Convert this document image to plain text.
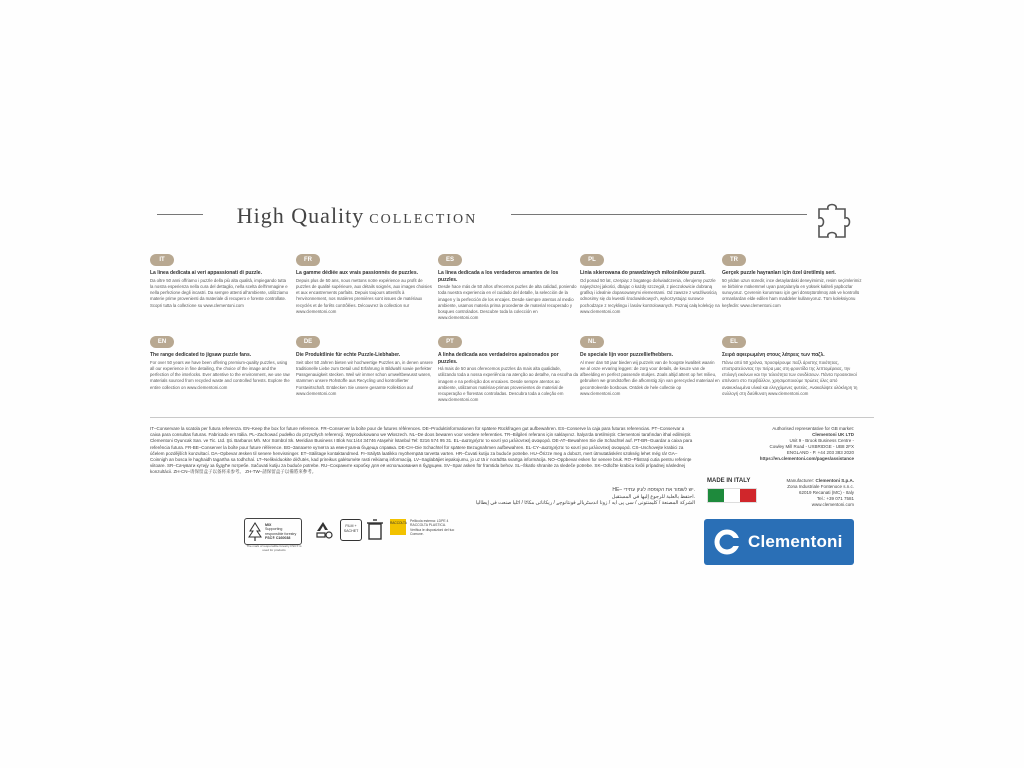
High Quality COLLECTION
IT
La linea dedicata ai veri appassionati di puzzle.
Da oltre 50 anni offriamo i puzzle della più alta qualità, impiegando tutta la nostra esperienza nella cura del dettaglio, nella scelta dell'immagine e nella perfezione degli incastri. Da sempre attenti all'ambiente, utilizziamo materie prime provenienti da materiale di recupero e foreste controllate. Scopri tutta la collezione su www.clementoni.com
FR
La gamme dédiée aux vrais passionnés de puzzles.
Depuis plus de 50 ans, nous mettons notre expérience au profit de puzzles de qualité supérieure, aux détails soignés, aux images choisies et aux encastrements parfaits. Depuis toujours attentifs à l'environnement, nos matières premières sont issues de matériaux recyclés et de forêts contrôlées. Découvrez la collection sur www.clementoni.com
ES
La línea dedicada a los verdaderos amantes de los puzzles.
Desde hace más de 50 años ofrecemos puzles de alta calidad, poniendo toda nuestra experiencia en el cuidado del detalle, la selección de la imagen y la perfección de los encajes. Desde siempre atentos al medio ambiente, usamos materia prima procedente de material recuperado y bosques controlados. Descubre toda la colección en www.clementoni.com
PL
Linia skierowana do prawdziwych miłośników puzzli.
Od ponad 50 lat, czerpiąc z bogatego doświadczenia, oferujemy puzzle najwyższej jakości, dbając o każdy szczegół, z pieczołowicie dobraną grafiką i idealnie dopasowanymi elementami. Od zawsze z wrażliwością odnosimy się do kwestii środowiskowych, wykorzystując surowce pochodzące z recyklingu i lasów kontrolowanych. Poznaj całą kolekcję na www.clementoni.com
TR
Gerçek puzzle hayranları için özel üretilmiş seri.
50 yıldan uzun süredir, ince detaylardaki deneyimimiz, resim seçimlerimiz ve birbirine mükemmel uyan parçalarıyla en yüksek kaliteli yapbozlar sunuyoruz. Çevrenin korunması için geri dönüştürülmüş atık ve kontrollü ormanlardan elde edilen ham maddeler kullanıyoruz. Tüm koleksiyonu keşfedin: www.clementoni.com
EN
The range dedicated to jigsaw puzzle fans.
For over 50 years we have been offering premium-quality puzzles, using all our experience in fine detailing, the choice of the image and the perfection of the interlocks. Ever attentive to the environment, we use raw materials sourced from recycled waste and controlled forests. Explore the entire collection on www.clementoni.com
DE
Die Produktlinie für echte Puzzle-Liebhaber.
Seit über 50 Jahren bieten wir hochwertige Puzzles an, in denen unsere traditionelle Liebe zum Detail und Erfahrung in Bildwahl sowie perfekter Passgenauigkeit stecken. Weil wir immer schon umweltbewusst waren, stammen unsere Rohstoffe aus Recycling und kontrollierter Forstwirtschaft. Entdecken Sie unsere gesamte Kollektion auf www.clementoni.com
PT
A linha dedicada aos verdadeiros apaixonados por puzzles.
Há mais de 50 anos oferecemos puzzles da mais alta qualidade, utilizando toda a nossa experiência na atenção ao detalhe, na escolha da imagem e na perfeição dos encaixes. Desde sempre atentos ao ambiente, utilizamos matérias-primas provenientes de material de recuperação e florestas controladas. Descubra toda a coleção em www.clementoni.com
NL
De speciale lijn voor puzzelliefhebbers.
Al meer dan 50 jaar bieden wij puzzels van de hoogste kwaliteit waarin we al onze ervaring leggen: de zorg voor details, de keuze van de afbeelding en perfect passende stukjes. Zoals altijd attent op het milieu, gebruiken we grondstoffen die afkomstig zijn van gerecycled materiaal en gecontroleerde bosbouw. Ontdek de hele collectie op www.clementoni.com
EL
Σειρά αφιερωμένη στους λάτρεις των παζλ.
Πάνω από 50 χρόνια, προσφέρουμε παζλ άριστης ποιότητας, επιστρατεύοντας την πείρα μας στη φροντίδα της λεπτομέρειας, την επιλογή εικόνων και την τελειότητα των συνδέσεων. Πάντα προσεκτικοί απέναντι στο περιβάλλον, χρησιμοποιούμε πρώτες ύλες από ανακυκλωμένα υλικά και ελεγχόμενες φυτείες. Ανακαλύψτε ολόκληρη τη συλλογή στη διεύθυνση www.clementoni.com
IT–Conservare la scatola per futura referenza. EN–Keep the box for future reference. FR–Conserver la boîte pour de futures références. DE–Produktinformationen für spätere Rückfragen gut aufbewahren. ES–Conserve la caja para futuras referencias. PT–Conservar a caixa para consultas futuras. Fabricado em Itália. PL–Zachować pudełko do przyszłych referencji. Wyprodukowano we Włoszech. NL–De doos bewaren voor verdere referenties. TR–Bilgileri referans için saklayınız. İtalya'da üretilmiştir. Clementoni tarafından ithal edilmiştir. Clementoni Oyuncak San. ve Tic. Ltd. Şti. Barbaros Mh. Mor Sümbül Sk. Meridian Business I Blok No:1/44 34746 Ataşehir İstanbul Tel: 0216 574 95 31. EL–Διατηρήστε το κουτί για μελλοντική αναφορά. DE-AT–Bewahren Sie die Schachtel auf. PT-BR–Guardar a caixa para referência futura. FR-BE–Conserver la boîte pour future référence. BG–Запазете кутията за евентуална бъдеща справка. DE-CH–Die Schachtel für spätere Bezugnahmen aufbewahren. EL-CY–Διατηρήστε το κουτί για μελλοντική αναφορά. CS–Uschovejte krabici za účelem pozdějších konzultací. DA–Opbevar æsken til senere henvisninger. ET–Säilitage kontaktandmed. FI–Säilytä laatikko myöhempää tarvetta varten. HR–Čuvati kutiju za buduće potrebe. HU–Őrizze meg a dobozt, mert útmutatásként szükség lehet még rá! GA–Coinnigh an bosca le haghaidh tagartha sa todhchaí. LT–Nelikviduokite dėžutės, kad prireikus galėtumėte rasti reikiamą informaciją. LV–Saglabājiet iepakojumu, jo uz tā ir norādīta svarīga informācija. NO–Oppbevar esken for senere bruk. RO–Păstrați cutia pentru referințe viitoare. SR–Сачувати кутију за будуће потребе. Sačuvati kutiju za buduće potrebe. RU–Сохраните коробку для её использования в будущем. SV–Spar asken för framtida behov. SL–Škatlo shranite za sledeče potrebe. SK–Odložte krabicu kvôli prípadnej následnej konzultácii. ZH-CN–请保留盒子以备将来参考。 ZH-TW–請保留盒子以備將來參考。
HE– יש לשמור את הקופסה לעיון עתידי.
احتفظ بالعلبة للرجوع إليها في المستقبل.
الشركة المصنعة / کلیمنتونی / سی پی ایه / زونا اندسٹریالے فونتانوچے / ریکاناتی مکاٹا / اٹلیا صنعت في إيطاليا
Authorised representative for GB market:
Clementoni UK LTD
Unit 9 - Brook Business Centre -
Cowley Mill Road - UXBRIDGE - UB8 2FX
ENGLAND - P. +44 203 383 2020
https://en.clementoni.com/pages/assistance
MADE IN ITALY	Manufacturer: Clementoni S.p.A.
Zona Industriale Fontenoce s.n.c.
62019 Recanati (MC) - Italy
Tel.: +39 071 7581
www.clementoni.com
Clementoni
MIX
Supporting
responsible forestry
FSC® C160038
The mark of responsible forestry FSC® is used for products
FILM + SACHET
RACCOLTA Pellicola esterna: LDPE 4 RACCOLTA PLASTICA. Verifica le disposizioni del tuo Comune.
